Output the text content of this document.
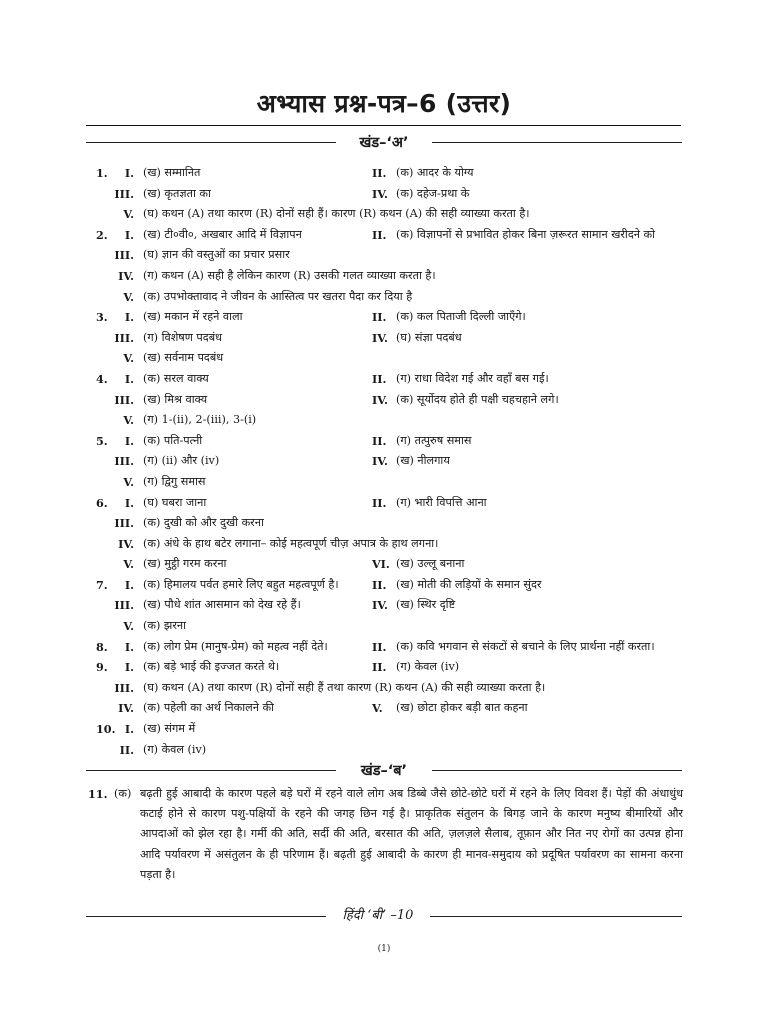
अभ्यास प्रश्न-पत्र–6 (उत्तर)
खंड–‘अ’
1.	I. (ख) सम्मानित	II. (क) आदर के योग्य
III. (ख) कृतज्ञता का	IV. (क) दहेज-प्रथा के
V. (घ) कथन (A) तथा कारण (R) दोनों सही हैं। कारण (R) कथन (A) की सही व्याख्या करता है।
2.	I. (ख) टी०वी०, अखबार आदि में विज्ञापन	II. (क) विज्ञापनों से प्रभावित होकर बिना ज़रूरत सामान खरीदने को
III. (घ) ज्ञान की वस्तुओं का प्रचार प्रसार
IV. (ग) कथन (A) सही है लेकिन कारण (R) उसकी गलत व्याख्या करता है।
V. (क) उपभोक्तावाद ने जीवन के आस्तित्व पर खतरा पैदा कर दिया है
3.	I. (ख) मकान में रहने वाला	II. (क) कल पिताजी दिल्ली जाएँगे।
III. (ग) विशेषण पदबंध	IV. (घ) संज्ञा पदबंध
V. (ख) सर्वनाम पदबंध
4.	I. (क) सरल वाक्य	II. (ग) राधा विदेश गई और वहाँ बस गई।
III. (ख) मिश्र वाक्य	IV. (क) सूर्योदय होते ही पक्षी चहचहाने लगे।
V. (ग) 1-(ii), 2-(iii), 3-(i)
5.	I. (क) पति-पत्नी	II. (ग) तत्पुरुष समास
III. (ग) (ii) और (iv)	IV. (ख) नीलगाय
V. (ग) द्विगु समास
6.	I. (घ) घबरा जाना	II. (ग) भारी विपत्ति आना
III. (क) दुखी को और दुखी करना
IV. (क) अंधे के हाथ बटेर लगाना– कोई महत्वपूर्ण चीज़ अपात्र के हाथ लगना।
V. (ख) मुट्ठी गरम करना	VI. (ख) उल्लू बनाना
7.	I. (क) हिमालय पर्वत हमारे लिए बहुत महत्वपूर्ण है।	II. (ख) मोती की लड़ियों के समान सुंदर
III. (ख) पौधे शांत आसमान को देख रहे हैं।	IV. (ख) स्थिर दृष्टि
V. (क) झरना
8.	I. (क) लोग प्रेम (मानुष-प्रेम) को महत्व नहीं देते।	II. (क) कवि भगवान से संकटों से बचाने के लिए प्रार्थना नहीं करता।
9.	I. (क) बड़े भाई की इज्जत करते थे।	II. (ग) केवल (iv)
III. (घ) कथन (A) तथा कारण (R) दोनों सही हैं तथा कारण (R) कथन (A) की सही व्याख्या करता है।
IV. (क) पहेली का अर्थ निकालने की	V. (ख) छोटा होकर बड़ी बात कहना
10. I. (ख) संगम में
II. (ग) केवल (iv)
खंड–‘ब’
11. (क) बढ़ती हुई आबादी के कारण पहले बड़े घरों में रहने वाले लोग अब डिब्बे जैसे छोटे-छोटे घरों में रहने के लिए विवश हैं। पेड़ों की अंधाधुंध कटाई होने से कारण पशु-पक्षियों के रहने की जगह छिन गई है। प्राकृतिक संतुलन के बिगड़ जाने के कारण मनुष्य बीमारियों और आपदाओं को झेल रहा है। गर्मी की अति, सर्दी की अति, बरसात की अति, ज़लज़ले सैलाब, तूफ़ान और नित नए रोगों का उत्पन्न होना आदि पर्यावरण में असंतुलन के ही परिणाम हैं। बढ़ती हुई आबादी के कारण ही मानव-समुदाय को प्रदूषित पर्यावरण का सामना करना पड़ता है।
हिंदी ‘बी’ –10
(1)
